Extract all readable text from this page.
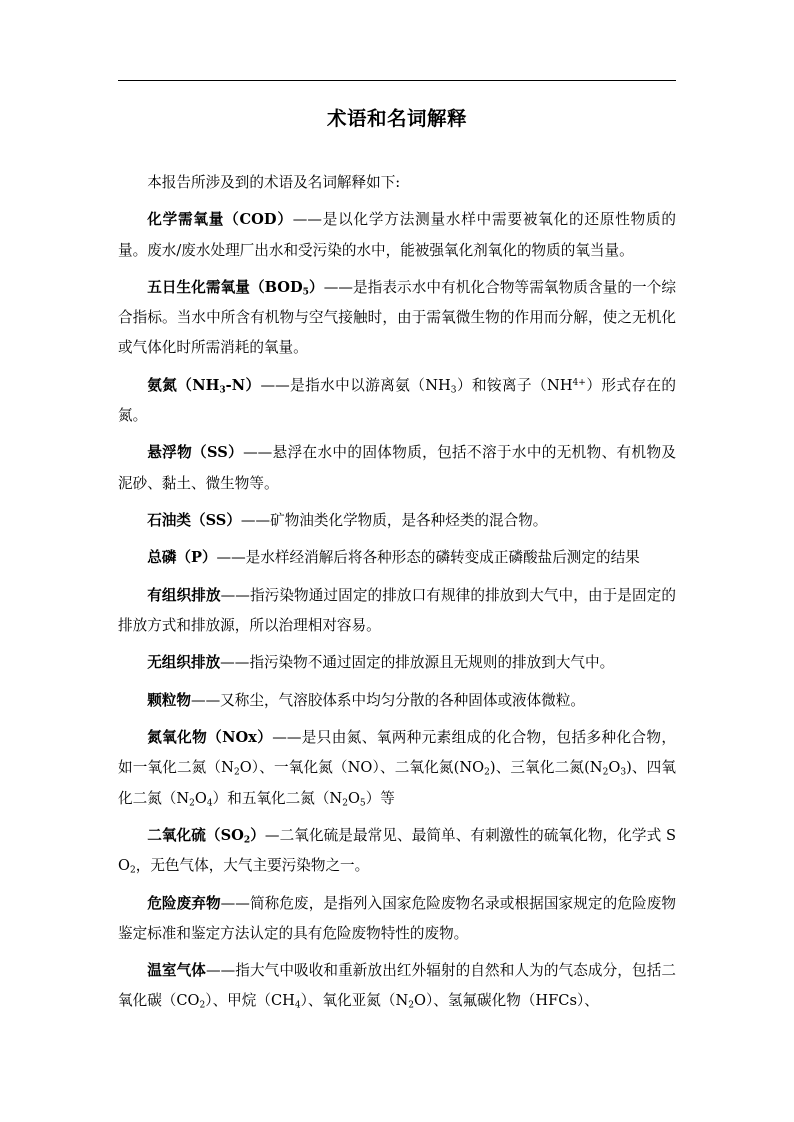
术语和名词解释

本报告所涉及到的术语及名词解释如下:

化学需氧量（COD）——是以化学方法测量水样中需要被氧化的还原性物质的量。废水/废水处理厂出水和受污染的水中，能被强氧化剂氧化的物质的氧当量。

五日生化需氧量$(BOD_5)——$是指表示水中有机化合物等需氧物质含量的一个综合指标。当水中所含有机物与空气接触时，由于需氧微生物的作用而分解，使之无机化或气体化时所需消耗的氧量。

氨氮$(NH_3-N)——$是指水中以游离氨$(NH_3)$和铵离子$(NH^{4+})$形式存在的氮。

悬浮物（SS）——悬浮在水中的固体物质，包括不溶于水中的无机物、有机物及泥砂、黏土、微生物等。

石油类（SS）——矿物油类化学物质，是各种烃类的混合物。

总磷（P）——是水样经消解后将各种形态的磷转变成正磷酸盐后测定的结果

有组织排放——指污染物通过固定的排放口有规律的排放到大气中，由于是固定的排放方式和排放源，所以治理相对容易。

无组织排放——指污染物不通过固定的排放源且无规则的排放到大气中。

颗粒物——又称尘，气溶胶体系中均匀分散的各种固体或液体微粒。

氮氧化物（NOx）——是只由氮、氧两种元素组成的化合物，包括多种化合物，如一氧化二氮$(N_2O)$、一氧化氮（NO）、二氧化氮$(NO_2)$、三氧化二氮$(N_2O_3)$、四氧化二氮$(N_2O_4)$和五氧化二氮$(N_2O_5)$等

二氧化硫$(SO_2)—$二氧化硫是最常见、最简单、有刺激性的硫氧化物，化学式 $SO_2$，无色气体，大气主要污染物之一。

危险废弃物——简称危废，是指列入国家危险废物名录或根据国家规定的危险废物鉴定标准和鉴定方法认定的具有危险废物特性的废物。

温室气体——指大气中吸收和重新放出红外辐射的自然和人为的气态成分，包括二氧化碳$(CO_2)$、甲烷$(CH_4)$、氧化亚氮$(N_2O)$、氢氟碳化物（HFCs）、
